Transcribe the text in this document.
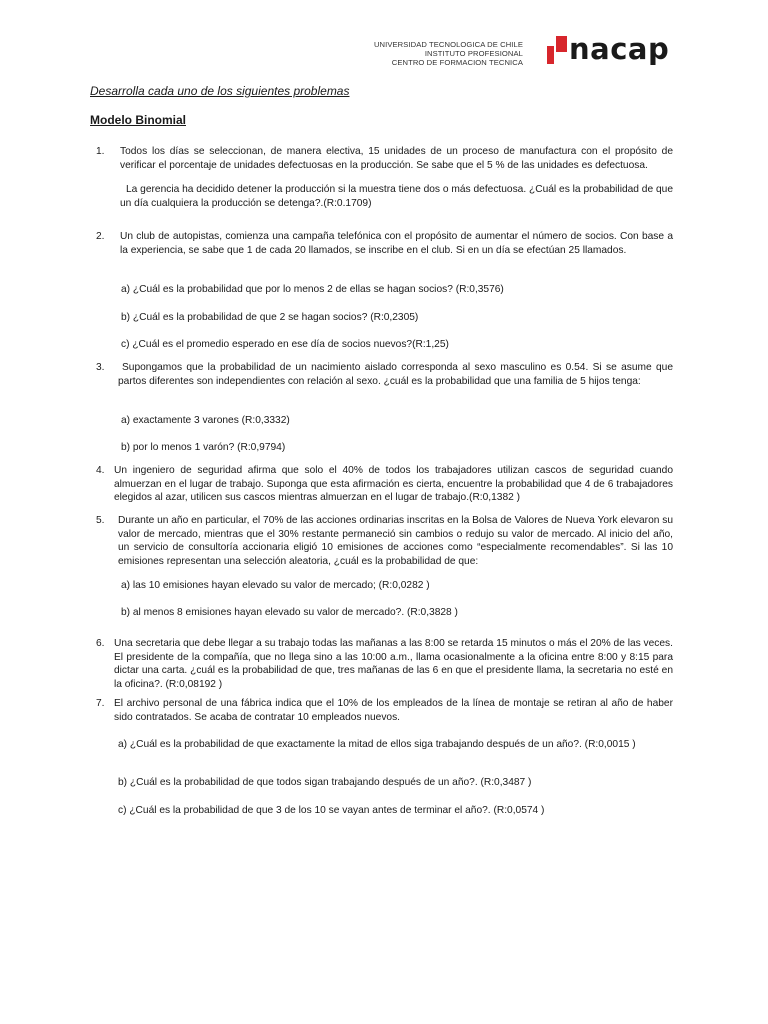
UNIVERSIDAD TECNOLOGICA DE CHILE
INSTITUTO PROFESIONAL
CENTRO DE FORMACION TECNICA nacap
Desarrolla cada uno de los siguientes problemas
Modelo Binomial
1. Todos los días se seleccionan, de manera electiva, 15 unidades de un proceso de manufactura con el propósito de verificar el porcentaje de unidades defectuosas en la producción. Se sabe que el 5 % de las unidades es defectuosa.
La gerencia ha decidido detener la producción si la muestra tiene dos o más defectuosa. ¿Cuál es la probabilidad de que un día cualquiera la producción se detenga?.(R:0.1709)
2. Un club de autopistas, comienza una campaña telefónica con el propósito de aumentar el número de socios. Con base a la experiencia, se sabe que 1 de cada 20 llamados, se inscribe en el club. Si en un día se efectúan 25 llamados.
a) ¿Cuál es la probabilidad que por lo menos 2 de ellas se hagan socios? (R:0,3576)
b) ¿Cuál es la probabilidad de que 2 se hagan socios? (R:0,2305)
c) ¿Cuál es el promedio esperado en ese día de socios nuevos?(R:1,25)
3.	Supongamos que la probabilidad de un nacimiento aislado corresponda al sexo masculino es 0.54. Si se asume que partos diferentes son independientes con relación al sexo. ¿cuál es la probabilidad que una familia de 5 hijos tenga:
a) exactamente 3 varones (R:0,3332)
b) por lo menos 1 varón? (R:0,9794)
4. Un ingeniero de seguridad afirma que solo el 40% de todos los trabajadores utilizan cascos de seguridad cuando almuerzan en el lugar de trabajo. Suponga que esta afirmación es cierta, encuentre la probabilidad que 4 de 6 trabajadores elegidos al azar, utilicen sus cascos mientras almuerzan en el lugar de trabajo.(R:0,1382 )
5. Durante un año en particular, el 70% de las acciones ordinarias inscritas en la Bolsa de Valores de Nueva York elevaron su valor de mercado, mientras que el 30% restante permaneció sin cambios o redujo su valor de mercado. Al inicio del año, un servicio de consultoría accionaria eligió 10 emisiones de acciones como “especialmente recomendables”. Si las 10 emisiones representan una selección aleatoria, ¿cuál es la probabilidad de que:
a) las 10 emisiones hayan elevado su valor de mercado; (R:0,0282 )
b) al menos 8 emisiones hayan elevado su valor de mercado?. (R:0,3828 )
6. Una secretaria que debe llegar a su trabajo todas las mañanas a las 8:00 se retarda 15 minutos o más el 20% de las veces. El presidente de la compañía, que no llega sino a las 10:00 a.m., llama ocasionalmente a la oficina entre 8:00 y 8:15 para dictar una carta. ¿cuál es la probabilidad de que, tres mañanas de las 6 en que el presidente llama, la secretaria no esté en la oficina?. (R:0,08192 )
7. El archivo personal de una fábrica indica que el 10% de los empleados de la línea de montaje se retiran al año de haber sido contratados. Se acaba de contratar 10 empleados nuevos.
a) ¿Cuál es la probabilidad de que exactamente la mitad de ellos siga trabajando después de un año?. (R:0,0015 )
b) ¿Cuál es la probabilidad de que todos sigan trabajando después de un año?. (R:0,3487 )
c) ¿Cuál es la probabilidad de que 3 de los 10 se vayan antes de terminar el año?. (R:0,0574 )
